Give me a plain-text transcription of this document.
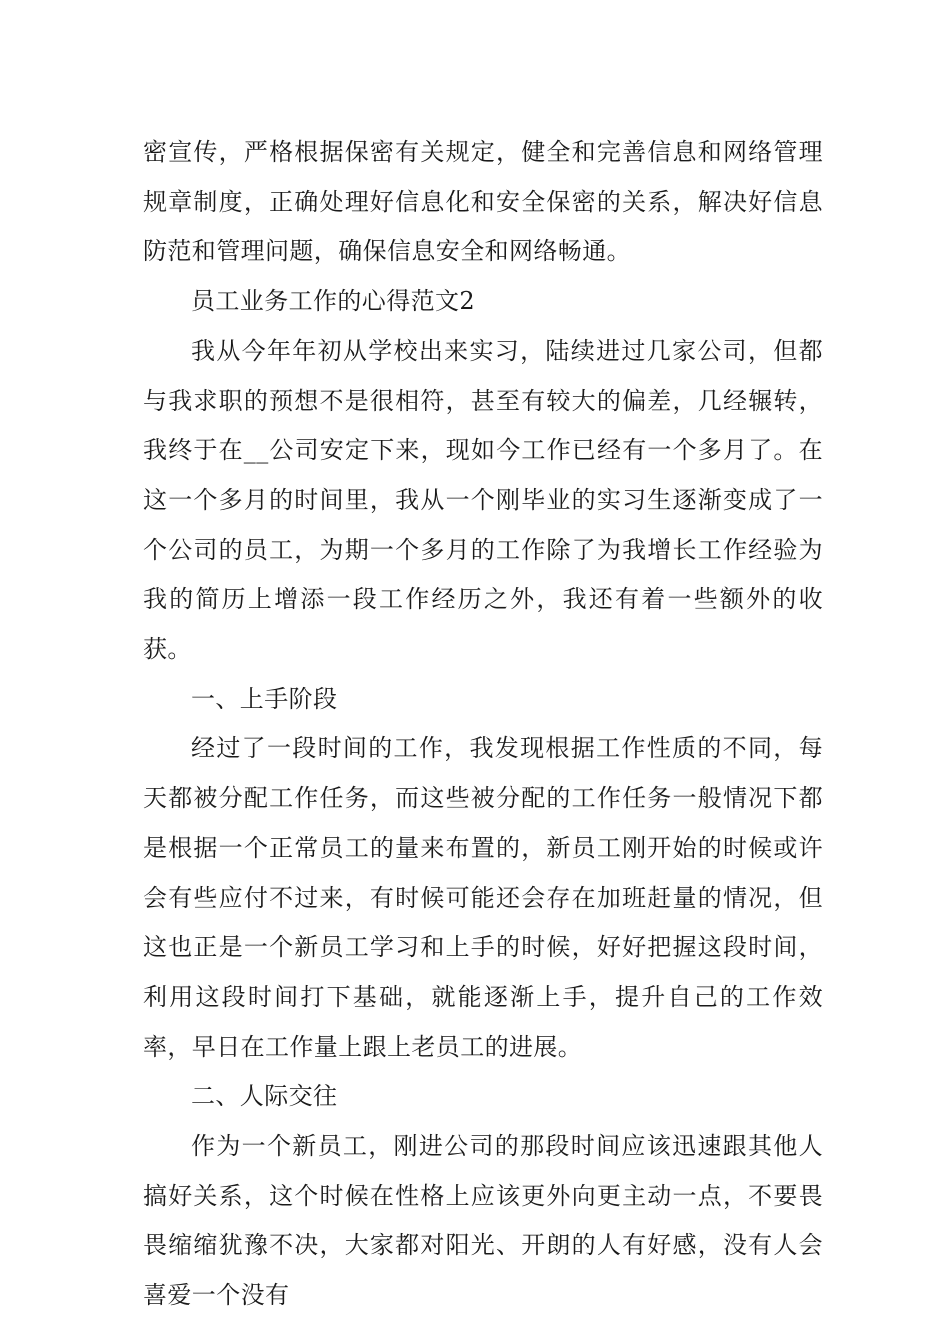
密宣传，严格根据保密有关规定，健全和完善信息和网络管理规章制度，正确处理好信息化和安全保密的关系，解决好信息防范和管理问题，确保信息安全和网络畅通。

员工业务工作的心得范文2

我从今年年初从学校出来实习，陆续进过几家公司，但都与我求职的预想不是很相符，甚至有较大的偏差，几经辗转，我终于在__公司安定下来，现如今工作已经有一个多月了。在这一个多月的时间里，我从一个刚毕业的实习生逐渐变成了一个公司的员工，为期一个多月的工作除了为我增长工作经验为我的简历上增添一段工作经历之外，我还有着一些额外的收获。

一、上手阶段

经过了一段时间的工作，我发现根据工作性质的不同，每天都被分配工作任务，而这些被分配的工作任务一般情况下都是根据一个正常员工的量来布置的，新员工刚开始的时候或许会有些应付不过来，有时候可能还会存在加班赶量的情况，但这也正是一个新员工学习和上手的时候，好好把握这段时间，利用这段时间打下基础，就能逐渐上手，提升自己的工作效率，早日在工作量上跟上老员工的进展。

二、人际交往

作为一个新员工，刚进公司的那段时间应该迅速跟其他人搞好关系，这个时候在性格上应该更外向更主动一点，不要畏畏缩缩犹豫不决，大家都对阳光、开朗的人有好感，没有人会喜爱一个没有
